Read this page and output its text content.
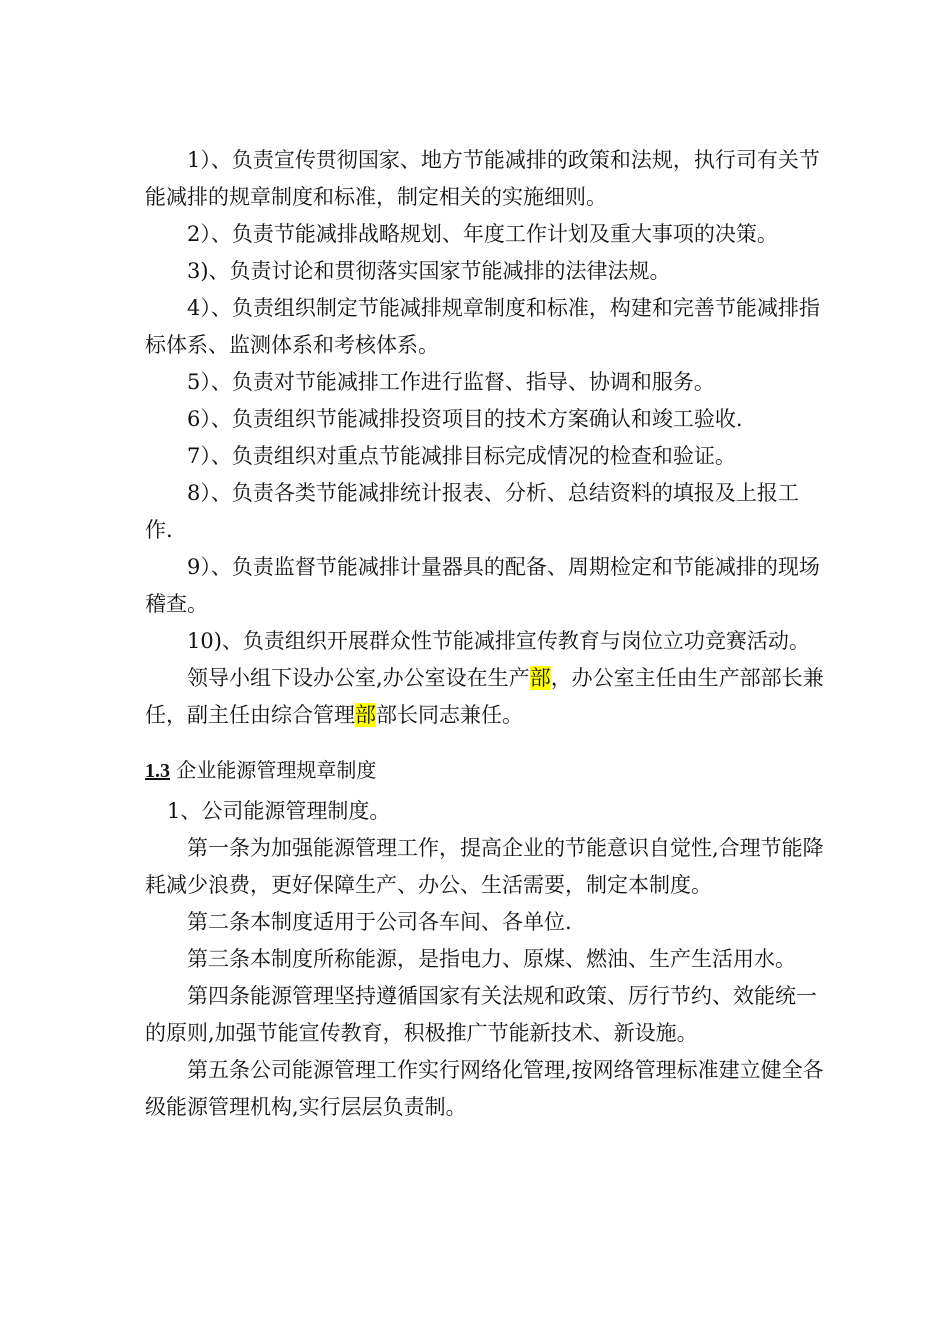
1）、负责宣传贯彻国家、地方节能减排的政策和法规，执行司有关节能减排的规章制度和标准，制定相关的实施细则。

2）、负责节能减排战略规划、年度工作计划及重大事项的决策。

3)、负责讨论和贯彻落实国家节能减排的法律法规。

4）、负责组织制定节能减排规章制度和标准，构建和完善节能减排指标体系、监测体系和考核体系。

5）、负责对节能减排工作进行监督、指导、协调和服务。

6）、负责组织节能减排投资项目的技术方案确认和竣工验收.

7）、负责组织对重点节能减排目标完成情况的检查和验证。

8）、负责各类节能减排统计报表、分析、总结资料的填报及上报工作.

9）、负责监督节能减排计量器具的配备、周期检定和节能减排的现场稽查。

10)、负责组织开展群众性节能减排宣传教育与岗位立功竞赛活动。

领导小组下设办公室,办公室设在生产部，办公室主任由生产部部长兼任，副主任由综合管理部部长同志兼任。

1.3 企业能源管理规章制度

1、公司能源管理制度。

第一条为加强能源管理工作，提高企业的节能意识自觉性,合理节能降耗减少浪费，更好保障生产、办公、生活需要，制定本制度。

第二条本制度适用于公司各车间、各单位.

第三条本制度所称能源，是指电力、原煤、燃油、生产生活用水。

第四条能源管理坚持遵循国家有关法规和政策、厉行节约、效能统一的原则,加强节能宣传教育，积极推广节能新技术、新设施。

第五条公司能源管理工作实行网络化管理,按网络管理标准建立健全各级能源管理机构,实行层层负责制。
